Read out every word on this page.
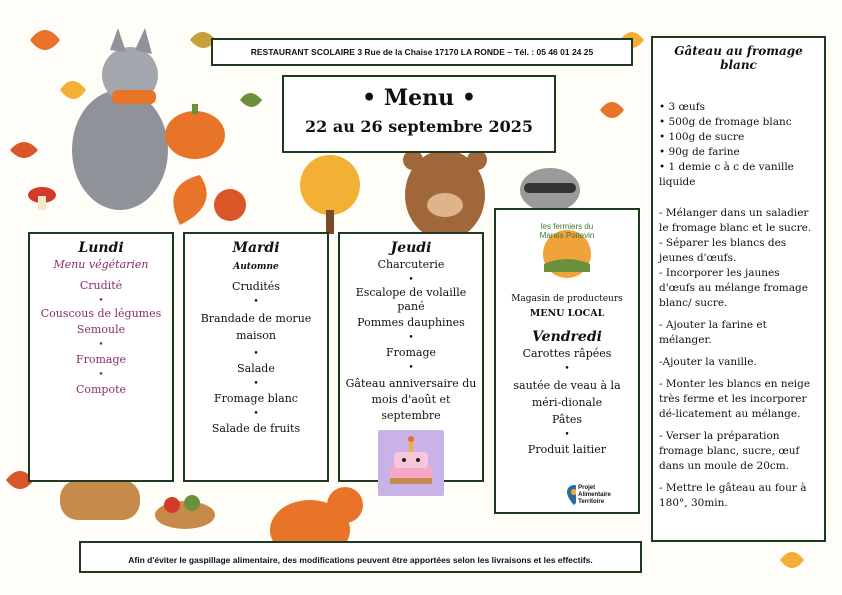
RESTAURANT SCOLAIRE 3 Rue de la Chaise 17170 LA RONDE – Tél. : 05 46 01 24 25
• Menu •
22 au 26 septembre 2025
Lundi
Menu végétarien
Crudité
•
Couscous de légumes
Semoule
•
Fromage
•
Compote
Mardi
Automne
Crudités
•
Brandade de morue maison
•
Salade
•
Fromage blanc
•
Salade de fruits
Jeudi
Charcuterie
•
Escalope de volaille pané
Pommes dauphines
•
Fromage
•
Gâteau anniversaire du mois d'août et septembre
les fermiers du Marais Poitevin
Magasin de producteurs
MENU LOCAL
Vendredi
Carottes râpées
•
sautée de veau à la méri-dionale
Pâtes
•
Produit laitier
Projet Alimentaire Territoire
Gâteau au fromage blanc
• 3 œufs
• 500g de fromage blanc
• 100g de sucre
• 90g de farine
• 1 demie c à c de vanille liquide
- Mélanger dans un saladier le fromage blanc et le sucre.
- Séparer les blancs des jeunes d'œufs.
- Incorporer les jaunes d'œufs au mélange fromage blanc/ sucre.
- Ajouter la farine et mélanger.
-Ajouter la vanille.
- Monter les blancs en neige très ferme et les incorporer dé-licatement au mélange.
- Verser la préparation fromage blanc, sucre, œuf dans un moule de 20cm.
- Mettre le gâteau au four à 180°, 30min.
Afin d'éviter le gaspillage alimentaire, des modifications peuvent être apportées selon les livraisons et les effectifs.
